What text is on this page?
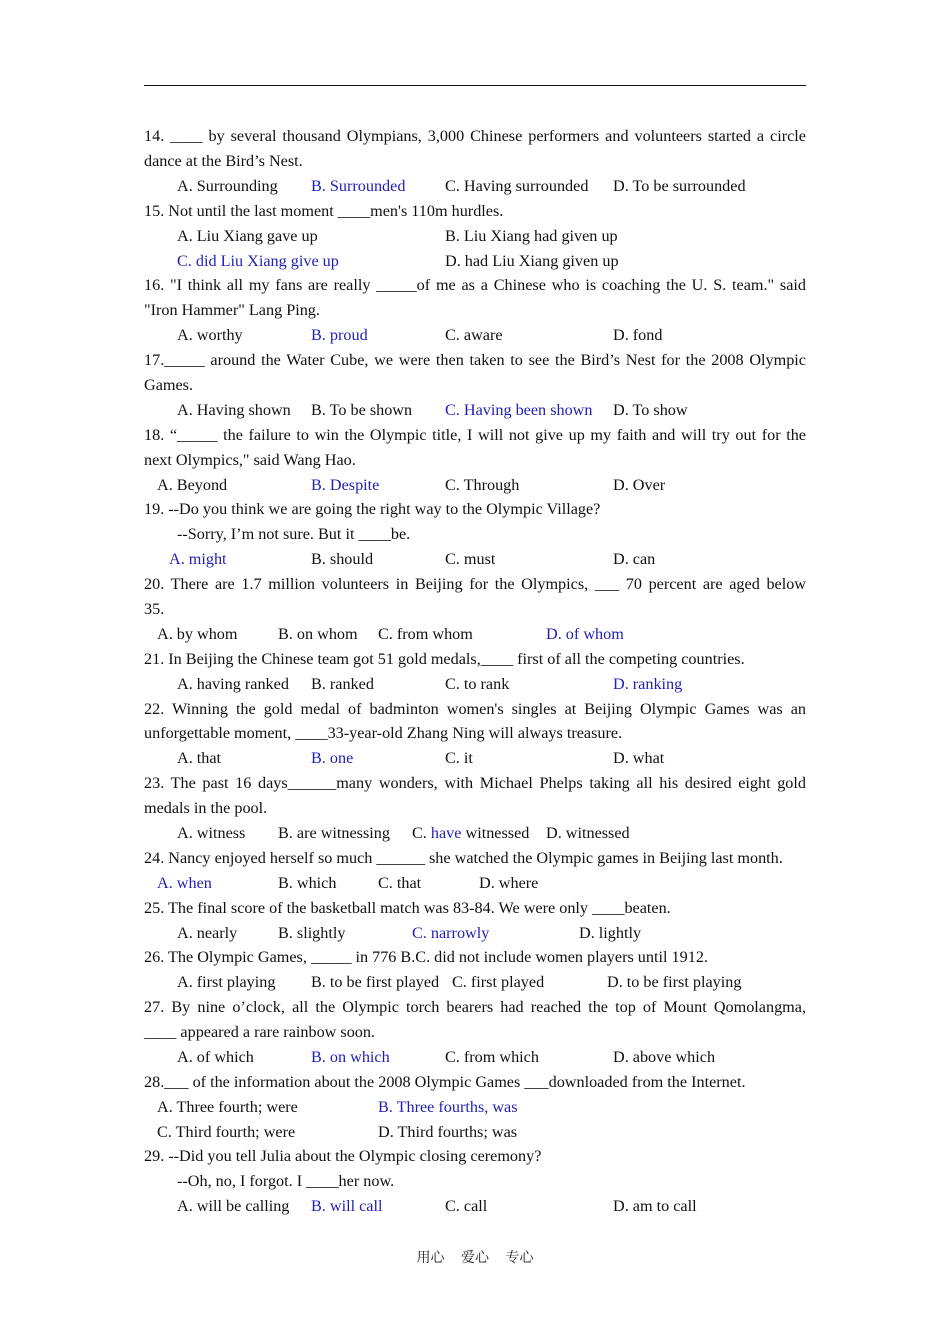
14. ____ by several thousand Olympians, 3,000 Chinese performers and volunteers started a circle
dance at the Bird’s Nest.
A. Surrounding B. Surrounded C. Having surrounded D. To be surrounded
15. Not until the last moment ____men's 110m hurdles.
A. Liu Xiang gave up	B. Liu Xiang had given up
C. did Liu Xiang give up	D. had Liu Xiang given up
16. "I think all my fans are really _____of me as a Chinese who is coaching the U. S. team." said
"Iron Hammer" Lang Ping.
A. worthy	B. proud	C. aware	D. fond
17._____ around the Water Cube, we were then taken to see the Bird’s Nest for the 2008 Olympic
Games.
A. Having shown B. To be shown C. Having been shown D. To show
18. “_____ the failure to win the Olympic title, I will not give up my faith and will try out for the
next Olympics," said Wang Hao.
A. Beyond	B. Despite	C. Through	D. Over
19. --Do you think we are going the right way to the Olympic Village?
--Sorry, I’m not sure. But it ____be.
A. might	B. should	C. must	D. can
20. There are 1.7 million volunteers in Beijing for the Olympics, ___ 70 percent are aged below
35.
A. by whom	B. on whom C. from whom	D. of whom
21. In Beijing the Chinese team got 51 gold medals,____ first of all the competing countries.
A. having ranked B. ranked	C. to rank	D. ranking
22. Winning the gold medal of badminton women's singles at Beijing Olympic Games was an
unforgettable moment, ____33-year-old Zhang Ning will always treasure.
A. that	B. one	C. it	D. what
23. The past 16 days______many wonders, with Michael Phelps taking all his desired eight gold
medals in the pool.
A. witness B. are witnessing C. have witnessed D. witnessed
24. Nancy enjoyed herself so much ______ she watched the Olympic games in Beijing last month.
A. when	B. which	C. that	D. where
25. The final score of the basketball match was 83-84. We were only ____beaten.
A. nearly	B. slightly	C. narrowly	D. lightly
26. The Olympic Games, _____ in 776 B.C. did not include women players until 1912.
A. first playing B. to be first played C. first played	D. to be first playing
27. By nine o’clock, all the Olympic torch bearers had reached the top of Mount Qomolangma,
____ appeared a rare rainbow soon.
A. of which	B. on which	C. from which	D. above which
28.___ of the information about the 2008 Olympic Games ___downloaded from the Internet.
A. Three fourth; were	B. Three fourths, was
C. Third fourth; were	D. Third fourths; was
29. --Did you tell Julia about the Olympic closing ceremony?
--Oh, no, I forgot. I ____her now.
A. will be calling B. will call	C. call	D. am to call
用心 爱心 专心
